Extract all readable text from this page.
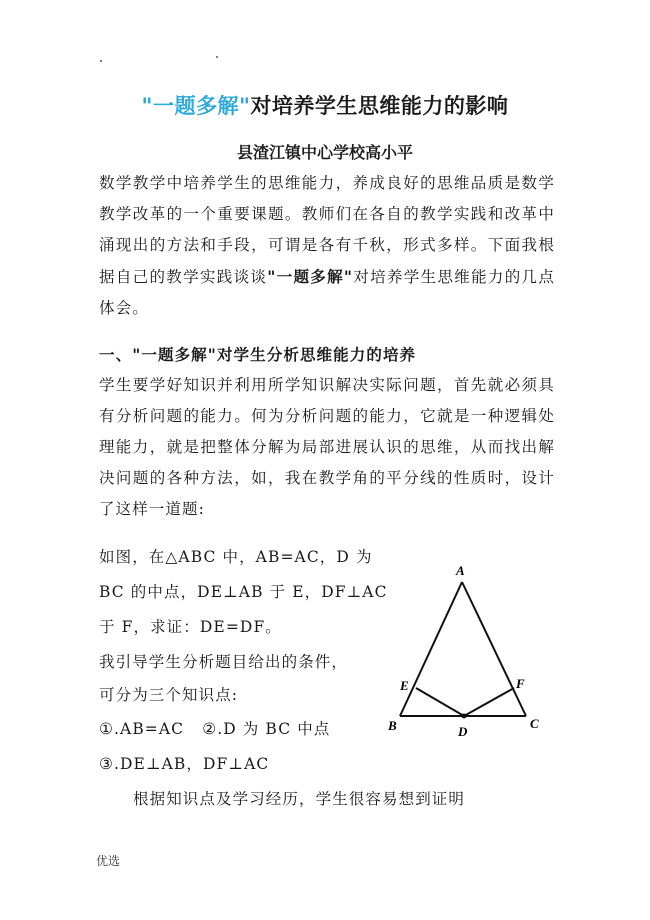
"一题多解"对培养学生思维能力的影响
县渣江镇中心学校高小平

数学教学中培养学生的思维能力，养成良好的思维品质是数学教学改革的一个重要课题。教师们在各自的教学实践和改革中涌现出的方法和手段，可谓是各有千秋，形式多样。下面我根据自己的教学实践谈谈"一题多解"对培养学生思维能力的几点体会。

一、"一题多解"对学生分析思维能力的培养

学生要学好知识并利用所学知识解决实际问题，首先就必须具有分析问题的能力。何为分析问题的能力，它就是一种逻辑处理能力，就是把整体分解为局部进展认识的思维，从而找出解决问题的各种方法，如，我在教学角的平分线的性质时，设计了这样一道题:

如图，在△ABC 中，AB=AC，D 为
BC 的中点，DE⊥AB 于 E，DF⊥AC
于 F，求证：DE=DF。
我引导学生分析题目给出的条件，
可分为三个知识点:
①.AB=AC   ②.D 为 BC 中点
③.DE⊥AB，DF⊥AC
根据知识点及学习经历，学生很容易想到证明
A
B	C
D
E	F
优选
